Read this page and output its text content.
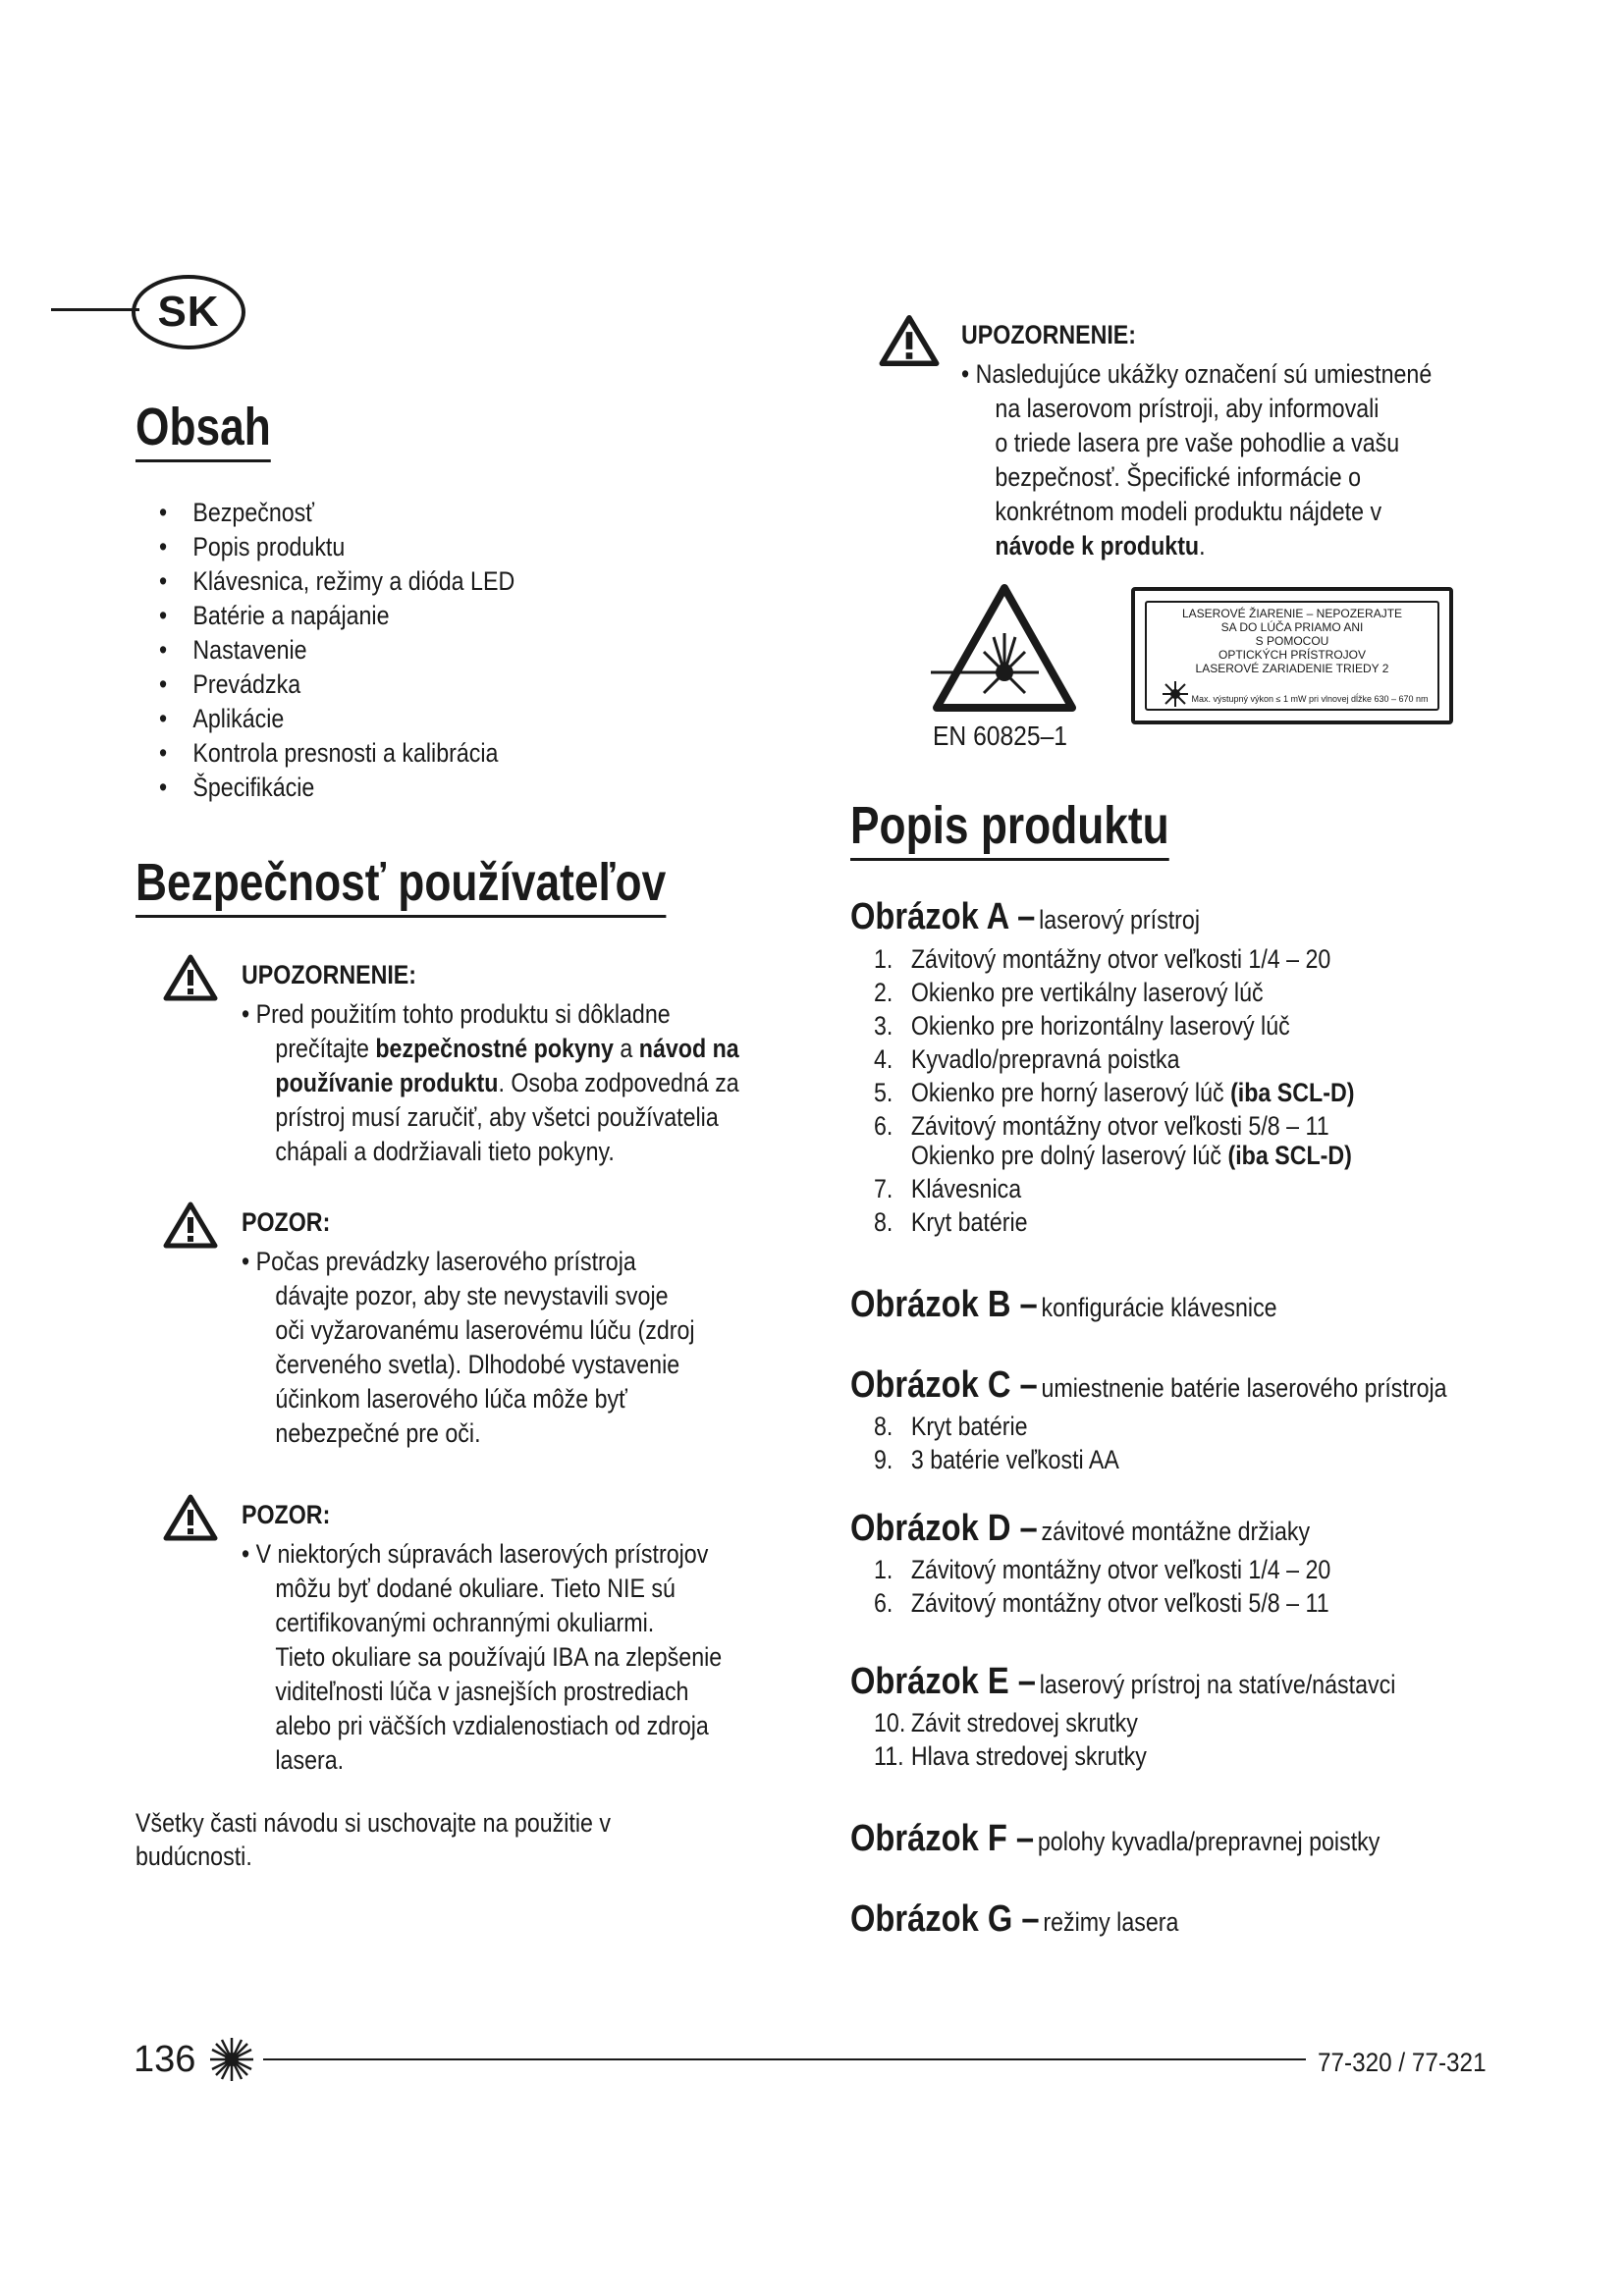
SK
Obsah
• Bezpečnosť
• Popis produktu
• Klávesnica, režimy a dióda LED
• Batérie a napájanie
• Nastavenie
• Prevádzka
• Aplikácie
• Kontrola presnosti a kalibrácia
• Špecifikácie
Bezpečnosť používateľov
UPOZORNENIE:
• Pred použitím tohto produktu si dôkladne
prečítajte bezpečnostné pokyny a návod na
používanie produktu. Osoba zodpovedná za
prístroj musí zaručiť, aby všetci používatelia
chápali a dodržiavali tieto pokyny.
POZOR:
• Počas prevádzky laserového prístroja
dávajte pozor, aby ste nevystavili svoje
oči vyžarovanému laserovému lúču (zdroj
červeného svetla). Dlhodobé vystavenie
účinkom laserového lúča môže byť
nebezpečné pre oči.
POZOR:
• V niektorých súpravách laserových prístrojov
môžu byť dodané okuliare. Tieto NIE sú
certifikovanými ochrannými okuliarmi.
Tieto okuliare sa používajú IBA na zlepšenie
viditeľnosti lúča v jasnejších prostrediach
alebo pri väčších vzdialenostiach od zdroja
lasera.
Všetky časti návodu si uschovajte na použitie v
budúcnosti.
UPOZORNENIE:
• Nasledujúce ukážky označení sú umiestnené
na laserovom prístroji, aby informovali
o triede lasera pre vaše pohodlie a vašu
bezpečnosť. Špecifické informácie o
konkrétnom modeli produktu nájdete v
návode k produktu.
LASEROVÉ ŽIARENIE – NEPOZERAJTE
SA DO LÚČA PRIAMO ANI
S POMOCOU
OPTICKÝCH PRÍSTROJOV
LASEROVÉ ZARIADENIE TRIEDY 2
Max. výstupný výkon ≤ 1 mW pri vlnovej dĺžke 630 – 670 nm
EN 60825–1
Popis produktu
Obrázok A – laserový prístroj
1. Závitový montážny otvor veľkosti 1/4 – 20
2. Okienko pre vertikálny laserový lúč
3. Okienko pre horizontálny laserový lúč
4. Kyvadlo/prepravná poistka
5. Okienko pre horný laserový lúč (iba SCL-D)
6. Závitový montážny otvor veľkosti 5/8 – 11
Okienko pre dolný laserový lúč (iba SCL-D)
7. Klávesnica
8. Kryt batérie
Obrázok B – konfigurácie klávesnice
Obrázok C – umiestnenie batérie laserového prístroja
8. Kryt batérie
9. 3 batérie veľkosti AA
Obrázok D – závitové montážne držiaky
1. Závitový montážny otvor veľkosti 1/4 – 20
6. Závitový montážny otvor veľkosti 5/8 – 11
Obrázok E – laserový prístroj na statíve/nástavci
10. Závit stredovej skrutky
11. Hlava stredovej skrutky
Obrázok F – polohy kyvadla/prepravnej poistky
Obrázok G – režimy lasera
136	77-320 / 77-321
